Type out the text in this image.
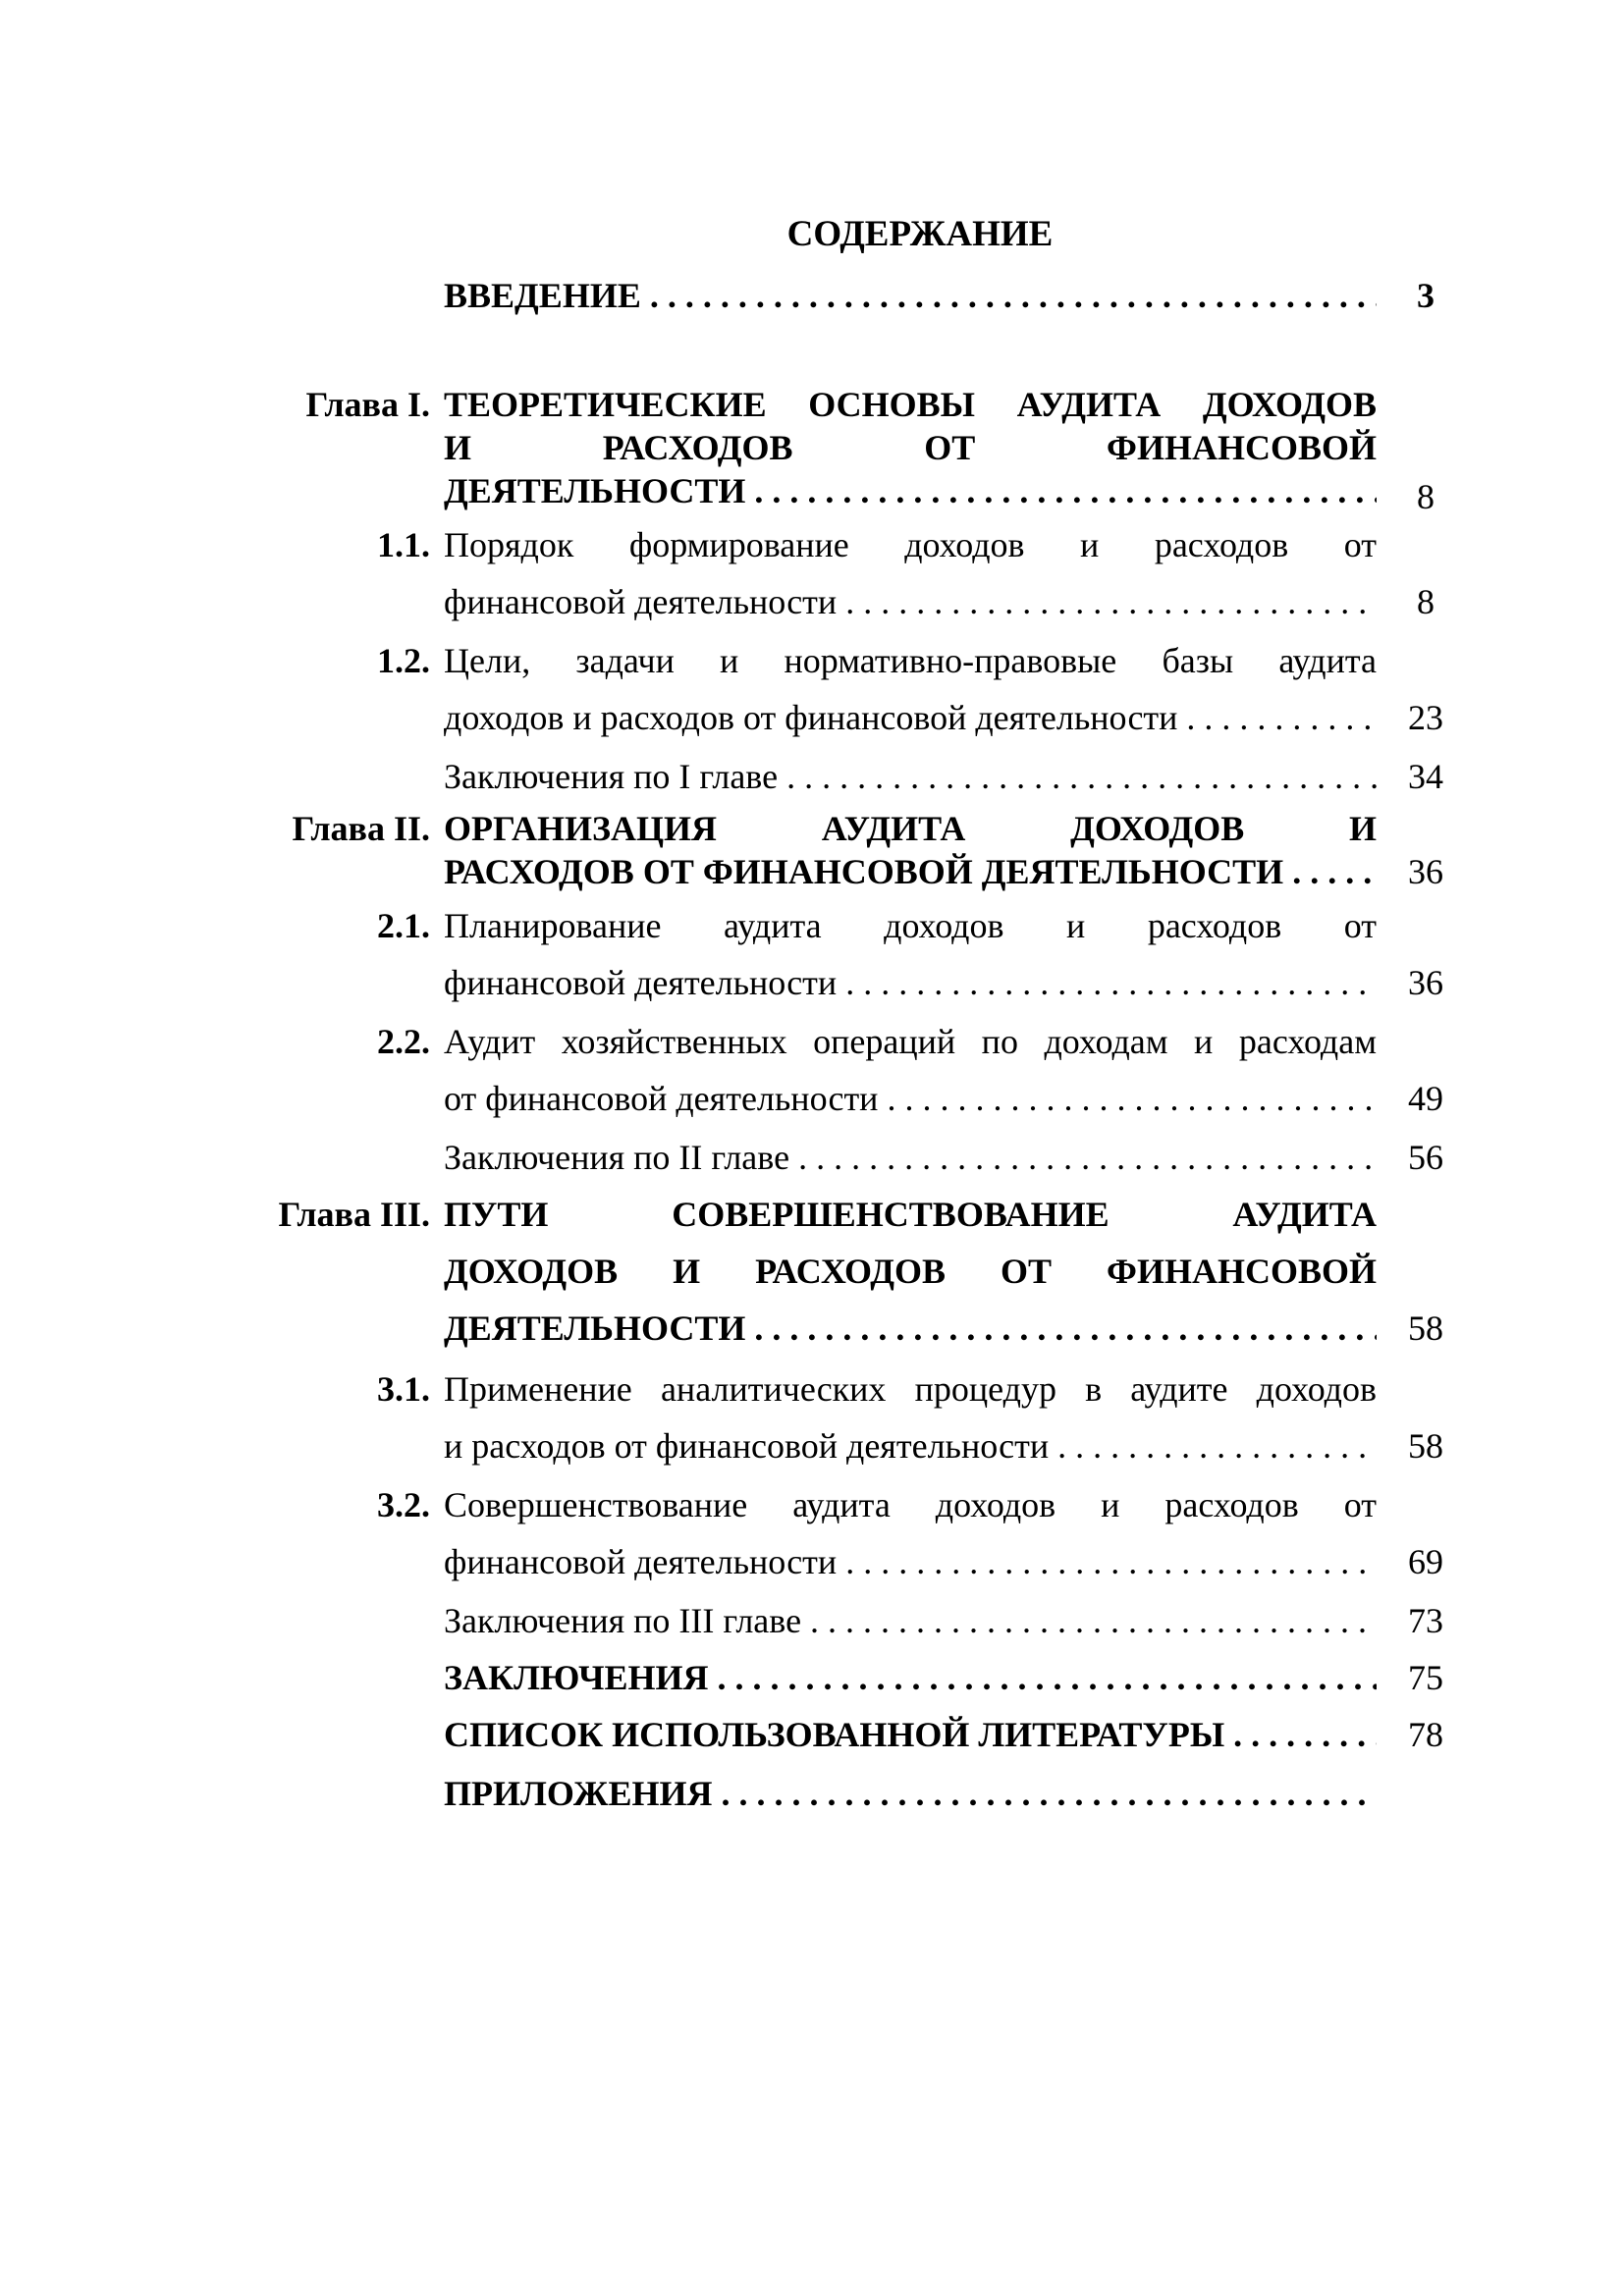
СОДЕРЖАНИЕ
ВВЕДЕНИЕ . . .	3
Глава I. ТЕОРЕТИЧЕСКИЕ ОСНОВЫ АУДИТА ДОХОДОВ
И РАСХОДОВ ОТ ФИНАНСОВОЙ
ДЕЯТЕЛЬНОСТИ . . .	8
1.1. Порядок формирование доходов и расходов от
финансовой деятельности . . .	8
1.2. Цели, задачи и нормативно-правовые базы аудита
доходов и расходов от финансовой деятельности . . .	23
Заключения по I главе . . .	34
Глава II. ОРГАНИЗАЦИЯ АУДИТА ДОХОДОВ И
РАСХОДОВ ОТ ФИНАНСОВОЙ ДЕЯТЕЛЬНОСТИ . . .	36
2.1. Планирование аудита доходов и расходов от
финансовой деятельности . . .	36
2.2. Аудит хозяйственных операций по доходам и расходам
от финансовой деятельности . . .	49
Заключения по II главе . . .	56
Глава III. ПУТИ СОВЕРШЕНСТВОВАНИЕ АУДИТА
ДОХОДОВ И РАСХОДОВ ОТ ФИНАНСОВОЙ
ДЕЯТЕЛЬНОСТИ . . .	58
3.1. Применение аналитических процедур в аудите доходов
и расходов от финансовой деятельности . . .	58
3.2. Совершенствование аудита доходов и расходов от
финансовой деятельности . . .	69
Заключения по III главе . . .	73
ЗАКЛЮЧЕНИЯ . . .	75
СПИСОК ИСПОЛЬЗОВАННОЙ ЛИТЕРАТУРЫ . . .	78
ПРИЛОЖЕНИЯ . . .
